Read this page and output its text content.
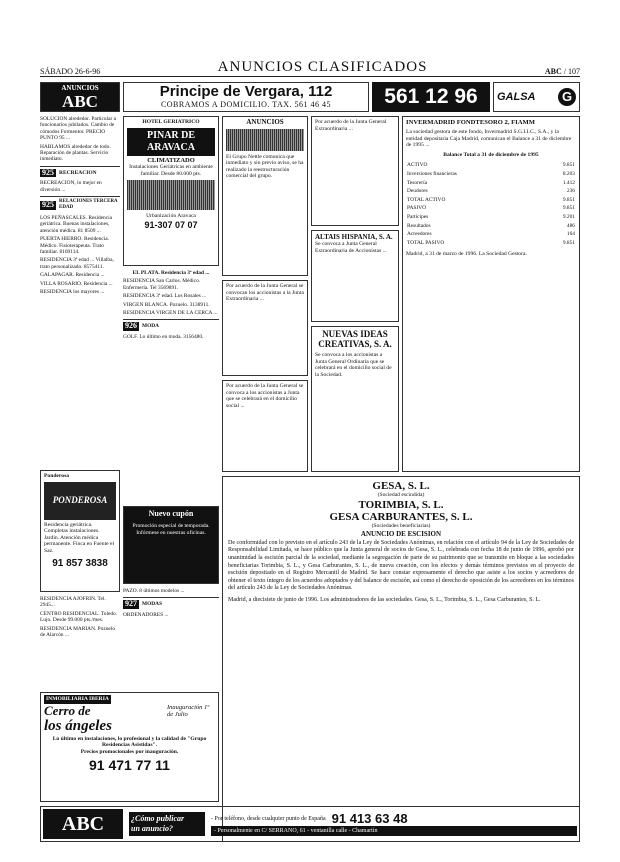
SÁBADO 26-6-96	ANUNCIOS CLASIFICADOS	ABC / 107
ANUNCIOS
ABC
Principe de Vergara, 112
COBRAMOS A DOMICILIO. TAX. 561 46 45	561 12 96	GALSA	G

SOLUCION alrededor. Particular a funcionarios jubilados. Cambio de cómodos Formentor. PRECIO PUNTO 95 ...

HABLAMOS alrededor de todo. Reparación de plantas. Servicio inmediato.

925 RECREACION

RECREACION, lo mejor en diversión ...

925	RELACIONES TERCERA EDAD

LOS PEÑASCALES. Residencia geriátrica. Buenas instalaciones, atención médica. 81 8509 ...

PUERTA HIERRO. Residencia. Médico. Fisioterapeuta. Trato familiar. 8169114.

RESIDENCIA 3ª edad ... Villalba, trato personalizado. 8575411.

GALAPAGAR. Residencia ...

VILLA ROSARIO. Residencia ...

RESIDENCIA los mayores ...

Ponderosa
PONDEROSA
Residencia geriátrica. Completas instalaciones. Jardín. Atención médica permanente. Finca en Fuente el Saz.
91 857 3838

RESIDENCIA AJOFRIN. Tel. 2945...

CENTRO RESIDENCIAL. Toledo. Lujo. Desde 99.000 pts./mes.

RESIDENCIA MARIAN. Pozuelo de Alarcón ...

HOTEL GERIATRICO
PINAR DE ARAVACA
CLIMATIZADO
Instalaciones Geriátricas en ambiente familiar. Desde 80.000 pts.
Urbanización Aravaca
91-307 07 07

EL PLATA. Residencia 3ª edad ...

RESIDENCIA San Carlos. Médico. Enfermería. Tel 3569891.

RESIDENCIA 3ª edad. Los Rosales ...

VIRGEN BLANCA. Pozuelo. 3138911.

RESIDENCIA VIRGEN DE LA CERCA ...

926 MODA

GOLF. Lo último en moda. 3156480.

Nuevo cupón
Promoción especial de temporada. Infórmese en nuestras oficinas.

PAZO. 8 últimos modelos ...

927 MODAS

ORDENADORES ...

ANUNCIOS
El Grupo Nettle comunica que inmediato y sin previo aviso, se ha realizado la reestructuración comercial del grupo.
Por acuerdo de la Junta General se convocan los accionistas a la Junta Extraordinaria ...
Por acuerdo de la Junta General se convoca a los accionistas a Junta que se celebrará en el domicilio social ...
Por acuerdo de la Junta General Extraordinaria ...
ALTAIS HISPANIA, S. A.
Se convoca a Junta General Extraordinaria de Accionistas ...
NUEVAS IDEAS CREATIVAS, S. A.
Se convoca a los accionistas a Junta General Ordinaria que se celebrará en el domicilio social de la Sociedad.
INVERMADRID FONDTESORO 2, FIAMM
La sociedad gestora de este fondo, Invermadrid S.G.I.I.C., S.A., y la entidad depositaria Caja Madrid, comunican el Balance a 31 de diciembre de 1995 ...
Balance Total a 31 de diciembre de 1995
ACTIVO	9.851
Inversiones financieras	8.203
Tesorería	1.412
Deudores	236
TOTAL ACTIVO	9.851
PASIVO	9.851
Partícipes	9.201
Resultados	486
Acreedores	164
TOTAL PASIVO	9.851
Madrid, a 31 de marzo de 1996. La Sociedad Gestora.
GESA, S. L.
(Sociedad escindida)
TORIMBIA, S. L.
GESA CARBURANTES, S. L.
(Sociedades beneficiarias)
ANUNCIO DE ESCISION
De conformidad con lo previsto en el artículo 243 de la Ley de Sociedades Anónimas, en relación con el artículo 94 de la Ley de Sociedades de Responsabilidad Limitada, se hace público que la Junta general de socios de Gesa, S. L., celebrada con fecha 18 de junio de 1996, aprobó por unanimidad la escisión parcial de la sociedad, mediante la segregación de parte de su patrimonio que se transmite en bloque a las sociedades beneficiarias Torimbia, S. L., y Gesa Carburantes, S. L., de nueva creación, con los efectos y demás términos previstos en el proyecto de escisión depositado en el Registro Mercantil de Madrid. Se hace constar expresamente el derecho que asiste a los socios y acreedores de obtener el texto íntegro de los acuerdos adoptados y del balance de escisión, así como el derecho de oposición de los acreedores en los términos del artículo 243 de la Ley de Sociedades Anónimas.
Madrid, a diecisiete de junio de 1996. Los administradores de las sociedades. Gesa, S. L., Torimbia, S. L., Gesa Carburantes, S. L.
INMOBILIARIA IBERIA
Cerro de
los ángeles
Inauguración 1º de Julio
Lo último en instalaciones, lo profesional y la calidad de "Grupo Residencias Asistidas".
Precios promocionales por inauguración.
91 471 77 11
ABC	¿Cómo publicar
un anuncio?
- Por teléfono, desde cualquier punto de España 91 413 63 48
- Personalmente en C/ SERRANO, 61 - ventanilla calle - Chamartín
